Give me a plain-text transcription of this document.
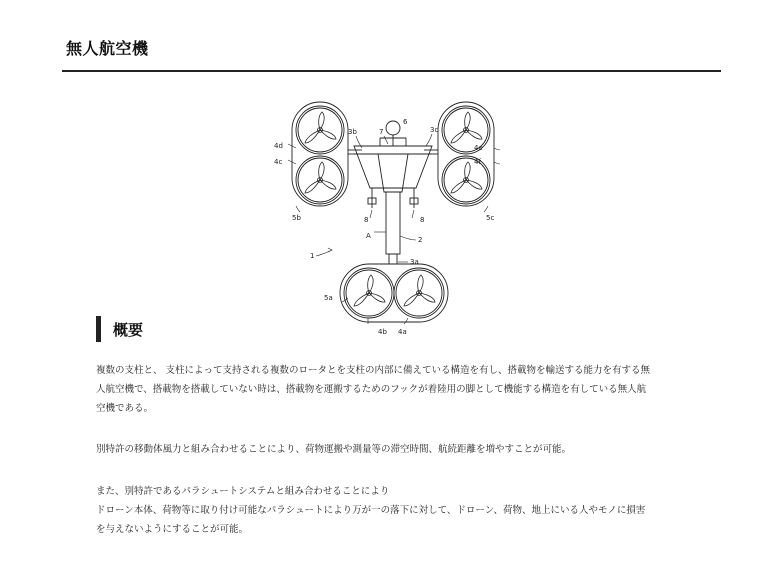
無人航空機
4d
4c
5b
3b	7
6
3c
4e
4f
5c
8	8
A	2
1
3a
5a
4b 4a
概要

複数の支柱と、 支柱によって支持される複数のロータとを支柱の内部に備えている構造を有し、搭載物を輸送する能力を有する無
人航空機で、搭載物を搭載していない時は、搭載物を運搬するためのフックが着陸用の脚として機能する構造を有している無人航
空機である。

別特許の移動体風力と組み合わせることにより、荷物運搬や測量等の滞空時間、航続距離を増やすことが可能。

また、別特許であるパラシュートシステムと組み合わせることにより
ドローン本体、荷物等に取り付け可能なパラシュートにより万が一の落下に対して、ドローン、荷物、地上にいる人やモノに損害
を与えないようにすることが可能。
